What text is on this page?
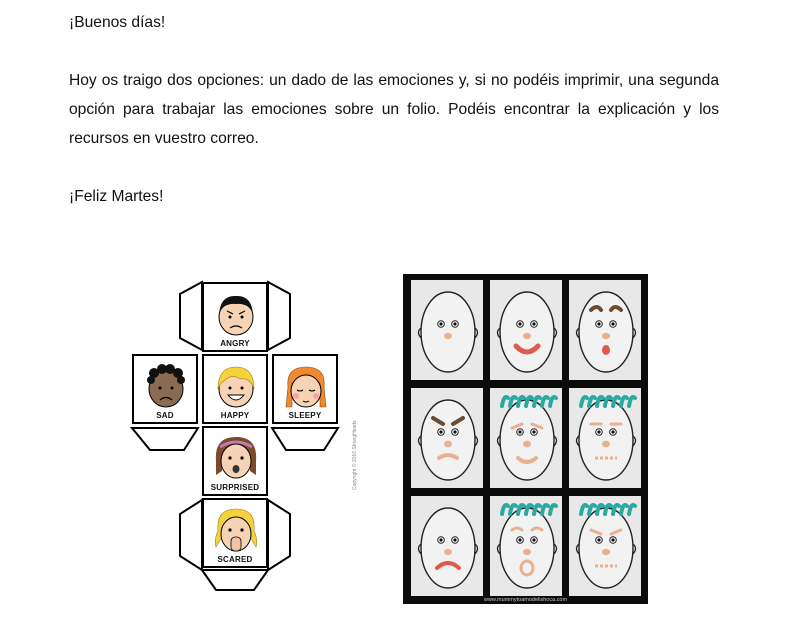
¡Buenos días!

Hoy os traigo dos opciones: un dado de las emociones y, si no podéis imprimir, una segunda opción para trabajar las emociones sobre un folio. Podéis encontrar la explicación y los recursos en vuestro correo.

¡Feliz Martes!

ANGRY
SAD	HAPPY	SLEEPY
SURPRISED
SCARED
Copyright © 2016 StrongHeads
www.mummytoamodelishoca.com
